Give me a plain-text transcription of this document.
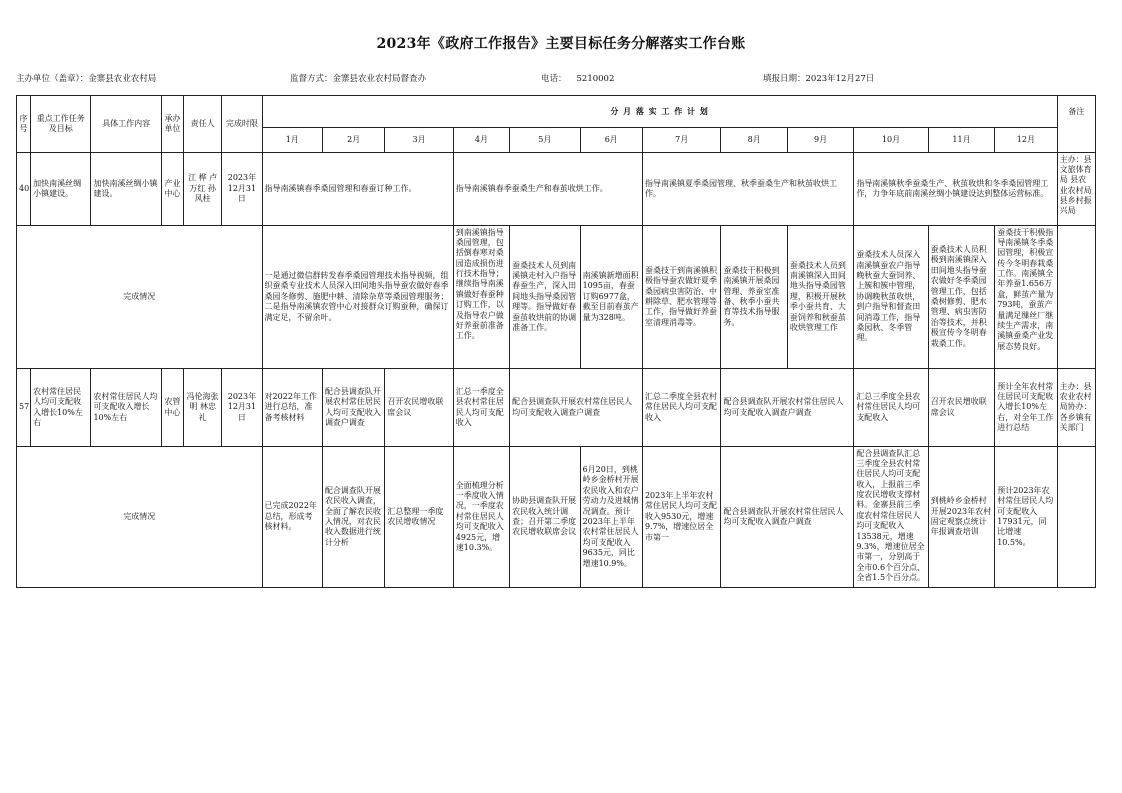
2023年《政府工作报告》主要目标任务分解落实工作台账
主办单位（盖章）：金寨县农业农村局	监督方式：金寨县农业农村局督查办	电话： 5210002	填报日期：2023年12月27日
序号	重点工作任务及目标	具体工作内容	承办单位	责任人	完成时限	分 月 落 实 工 作 计 划												备注
						1月	2月	3月	4月	5月	6月	7月	8月	9月	10月	11月	12月	
40	加快南溪丝绸小镇建设。	加快南溪丝绸小镇建设。	产业中心	江 桦 卢万红 孙风柱	2023年12月31日	指导南溪镇春季桑园管理和春蚕订种工作。			指导南溪镇春季蚕桑生产和春茧收烘工作。			指导南溪镇夏季桑园管理、秋季蚕桑生产和秋茧收烘工作。			指导南溪镇秋季蚕桑生产、秋茧收烘和冬季桑园管理工作，力争年底前南溪丝绸小镇建设达到整体运营标准。			主办：县文旅体育局 县农业农村局 县乡村振兴局

完成情况						一是通过微信群转发春季桑园管理技术指导视频，组织蚕桑专业技术人员深入田间地头指导蚕农做好春季桑园冬修剪、施肥中耕、清除杂草等桑园管理服务；二是指导南溪镇农管中心对接群众订购蚕种，确保订满定足，不留余叶。			到南溪镇指导桑园管理，包括倒春寒对桑园造成损伤进行技术指导；继续指导南溪镇做好春蚕种订购工作，以及指导农户做好养蚕前准备工作。	蚕桑技术人员到南溪镇走村入户指导春蚕生产，深入田间地头指导桑园管理等。指导做好春蚕茧收烘前的协调准备工作。	南溪镇新增面积1095亩，春蚕订购6977盒，截至目前春茧产量为328吨。	蚕桑技干到南溪镇积极指导蚕农做好夏季桑园病虫害防治、中耕除草、肥水管理等工作，指导做好养蚕室清理消毒等。	蚕桑技干积极到南溪镇开展桑园管理、养蚕室准备、秋季小蚕共育等技术指导服务。	蚕桑技术人员到南溪镇深入田间地头指导桑园管理，积极开展秋季小蚕共育、大蚕饲养和秋蚕茧收烘管理工作	蚕桑技术人员深入南溪镇蚕农户指导晚秋蚕大蚕饲养、上簇和簇中管理，协调晚秋茧收烘，到户指导和督查田间消毒工作，指导桑园秋、冬季管理。	蚕桑技术人员积极到南溪镇深入田间地头指导蚕农做好冬季桑园管理工作，包括桑树修剪、肥水管理、病虫害防治等技术，并积极宣传今冬明春栽桑工作。	蚕桑技干积极指导南溪镇冬季桑园管理，积极宣传今冬明春栽桑工作。南溪镇全年养蚕1.656万盒，鲜茧产量为793吨，蚕茧产量满足缫丝厂继续生产需求，南溪镇蚕桑产业发展态势良好。	

57	农村常住居民人均可支配收入增长10%左右	农村常住居民人均可支配收入增长10%左右	农管中心	冯伦海张明 林忠礼	2023年12月31日	对2022年工作进行总结，准备考核材料	配合县调查队开展农村常住居民人均可支配收入调查户调查	召开农民增收联席会议	汇总一季度全县农村常住居民人均可支配收入	配合县调查队开展农村常住居民人均可支配收入调查户调查		汇总二季度全县农村常住居民人均可支配收入	配合县调查队开展农村常住居民人均可支配收入调查户调查		汇总三季度全县农村常住居民人均可支配收入	召开农民增收联席会议	预计全年农村常住居民可支配收入增长10%左右，对全年工作进行总结	主办：县农业农村局协办：各乡镇有关部门
完成情况						已完成2022年总结，形成考核材料。	配合调查队开展农民收入调查，全面了解农民收入情况，对农民收入数据进行统计分析	汇总整理一季度农民增收情况	全面梳理分析一季度收入情况，一季度农村常住居民人均可支配收入4925元，增速10.3%。	协助县调查队开展农民收入统计调查；召开第二季度农民增收联席会议	6月20日，到桃岭乡金桥村开展农民收入和农户劳动力及进城情况调查。预计2023年上半年农村常住居民人均可支配收入9635元，同比增速10.9%。	2023年上半年农村常住居民人均可支配收入9530元，增速9.7%，增速位居全市第一	配合县调查队开展农村常住居民人均可支配收入调查户调查		配合县调查队汇总三季度全县农村常住居民人均可支配收入，上报前三季度农民增收支撑材料。金寨县前三季度农村常住居民人均可支配收入13538元，增速9.3%，增速位居全市第一，分别高于全市0.6个百分点、全省1.5个百分点。	到桃岭乡金桥村开展2023年农村固定观察点统计年报调查培训	预计2023年农村常住居民人均可支配收入17931元，同比增速10.5%。	
